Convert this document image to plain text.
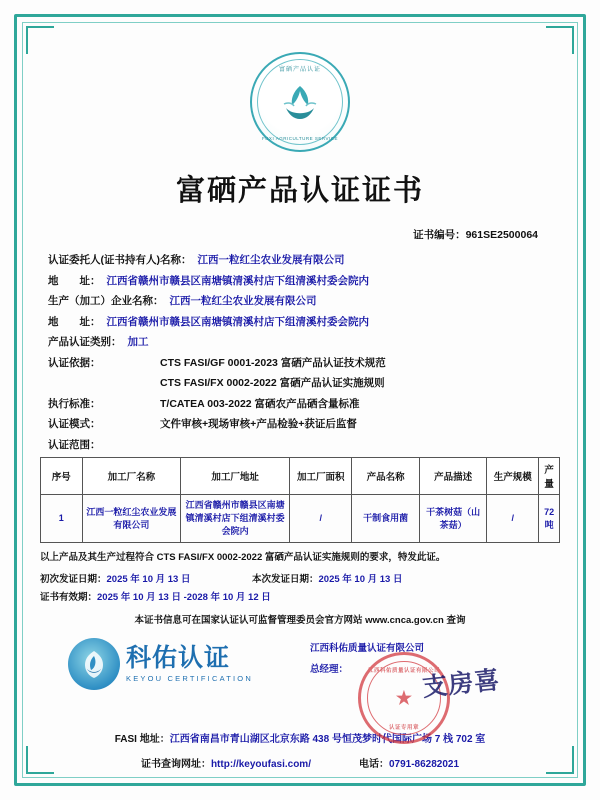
富硒产品认证
FUXI AGRICULTURE SERVICE
富硒产品认证证书
证书编号：961SE2500064
认证委托人(证书持有人)名称： 江西一粒红尘农业发展有限公司
地　　址： 江西省赣州市赣县区南塘镇清溪村店下组清溪村委会院内
生产（加工）企业名称： 江西一粒红尘农业发展有限公司
地　　址： 江西省赣州市赣县区南塘镇清溪村店下组清溪村委会院内
产品认证类别： 加工
认证依据：	CTS FASI/GF 0001-2023 富硒产品认证技术规范
CTS FASI/FX 0002-2022 富硒产品认证实施规则
执行标准：	T/CATEA 003-2022 富硒农产品硒含量标准
认证模式：	文件审核+现场审核+产品检验+获证后监督
认证范围：
序号	加工厂名称	加工厂地址	加工厂面积	产品名称	产品描述	生产规模	产量
1	江西一粒红尘农业发展有限公司	江西省赣州市赣县区南塘镇清溪村店下组清溪村委会院内	/	干制食用菌	干茶树菇（山茶菇）	/	72 吨
以上产品及其生产过程符合 CTS FASI/FX 0002-2022 富硒产品认证实施规则的要求，特发此证。
初次发证日期：2025 年 10 月 13 日	本次发证日期：2025 年 10 月 13 日
证书有效期：2025 年 10 月 13 日 -2028 年 10 月 12 日
本证书信息可在国家认证认可监督管理委员会官方网站 www.cnca.gov.cn 查询
科佑认证
KEYOU CERTIFICATION
江西科佑质量认证有限公司
总经理：	江西科佑质量认证有限公司
★
认证专用章
支房喜
FASI 地址：江西省南昌市青山湖区北京东路 438 号恒茂梦时代国际广场 7 栈 702 室
证书查询网址：http://keyoufasi.com/	电话：0791-86282021
